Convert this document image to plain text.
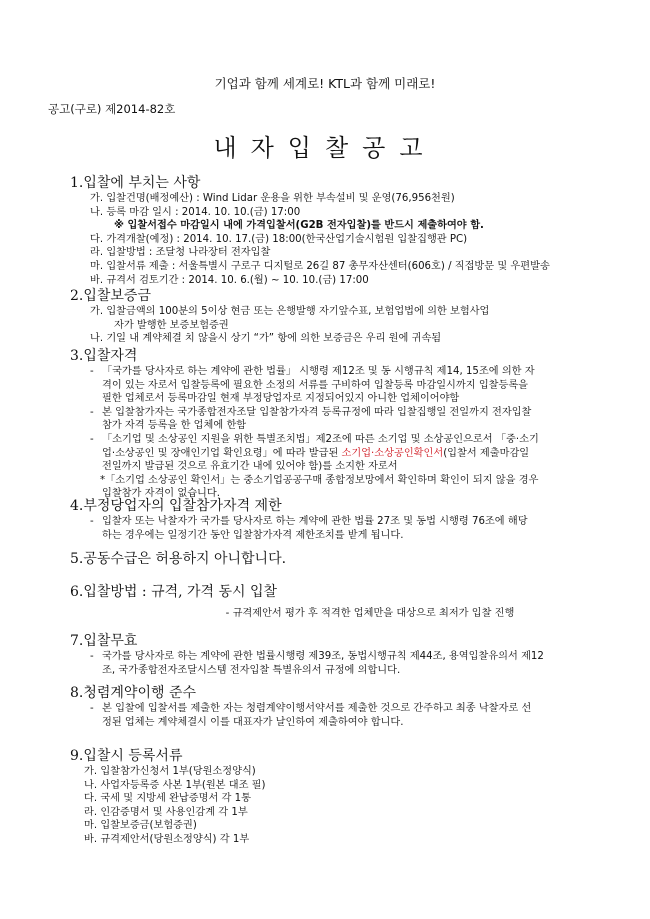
기업과 함께 세계로! KTL과 함께 미래로!
공고(구로) 제2014-82호
내자입찰공고
1.입찰에 부치는 사항
가. 입찰건명(배정예산) : Wind Lidar 운용을 위한 부속설비 및 운영(76,956천원)
나. 등록 마감 일시 : 2014. 10. 10.(금) 17:00
※ 입찰서접수 마감일시 내에 가격입찰서(G2B 전자입찰)를 반드시 제출하여야 함.
다. 가격개찰(예정) : 2014. 10. 17.(금) 18:00(한국산업기술시험원 입찰집행관 PC)
라. 입찰방법 : 조달청 나라장터 전자입찰
마. 입찰서류 제출 : 서울특별시 구로구 디지털로 26길 87 총무자산센터(606호) / 직접방문 및 우편발송
바. 규격서 검토기간 : 2014. 10. 6.(월) ~ 10. 10.(금) 17:00
2.입찰보증금
가. 입찰금액의 100분의 5이상 현금 또는 은행발행 자기앞수표, 보험업법에 의한 보험사업
자가 발행한 보증보험증권
나. 기일 내 계약체결 치 않을시 상기 “가” 항에 의한 보증금은 우리 원에 귀속됨
3.입찰자격
- 「국가를 당사자로 하는 계약에 관한 법률」 시행령 제12조 및 동 시행규칙 제14, 15조에 의한 자
격이 있는 자로서 입찰등록에 필요한 소정의 서류를 구비하여 입찰등록 마감일시까지 입찰등록을
필한 업체로서 등록마감일 현재 부정당업자로 지정되어있지 아니한 업체이어야함
- 본 입찰참가자는 국가종합전자조달 입찰참가자격 등록규정에 따라 입찰집행일 전일까지 전자입찰
참가 자격 등록을 한 업체에 한함
- 「소기업 및 소상공인 지원을 위한 특별조치법」제2조에 따른 소기업 및 소상공인으로서 「중·소기
업·소상공인 및 장애인기업 확인요령」에 따라 발급된 소기업·소상공인확인서(입찰서 제출마감일
전일까지 발급된 것으로 유효기간 내에 있어야 함)를 소지한 자로서
*「소기업 소상공인 확인서」는 중소기업공공구매 종합정보망에서 확인하며 확인이 되지 않을 경우
입찰참가 자격이 없습니다.
4.부정당업자의 입찰참가자격 제한
- 입찰자 또는 낙찰자가 국가를 당사자로 하는 계약에 관한 법률 27조 및 동법 시행령 76조에 해당
하는 경우에는 일정기간 동안 입찰참가자격 제한조치를 받게 됩니다.
5.공동수급은 허용하지 아니합니다.
6.입찰방법 : 규격, 가격 동시 입찰
- 규격제안서 평가 후 적격한 업체만을 대상으로 최저가 입찰 진행
7.입찰무효
- 국가를 당사자로 하는 계약에 관한 법률시행령 제39조, 동법시행규칙 제44조, 용역입찰유의서 제12
조, 국가종합전자조달시스템 전자입찰 특별유의서 규정에 의합니다.
8.청렴계약이행 준수
- 본 입찰에 입찰서를 제출한 자는 청렴계약이행서약서를 제출한 것으로 간주하고 최종 낙찰자로 선
정된 업체는 계약체결시 이를 대표자가 날인하여 제출하여야 합니다.
9.입찰시 등록서류
가. 입찰참가신청서 1부(당원소정양식)
나. 사업자등록증 사본 1부(원본 대조 필)
다. 국세 및 지방세 완납증명서 각 1통
라. 인감증명서 및 사용인감계 각 1부
마. 입찰보증금(보험증권)
바. 규격제안서(당원소정양식) 각 1부
